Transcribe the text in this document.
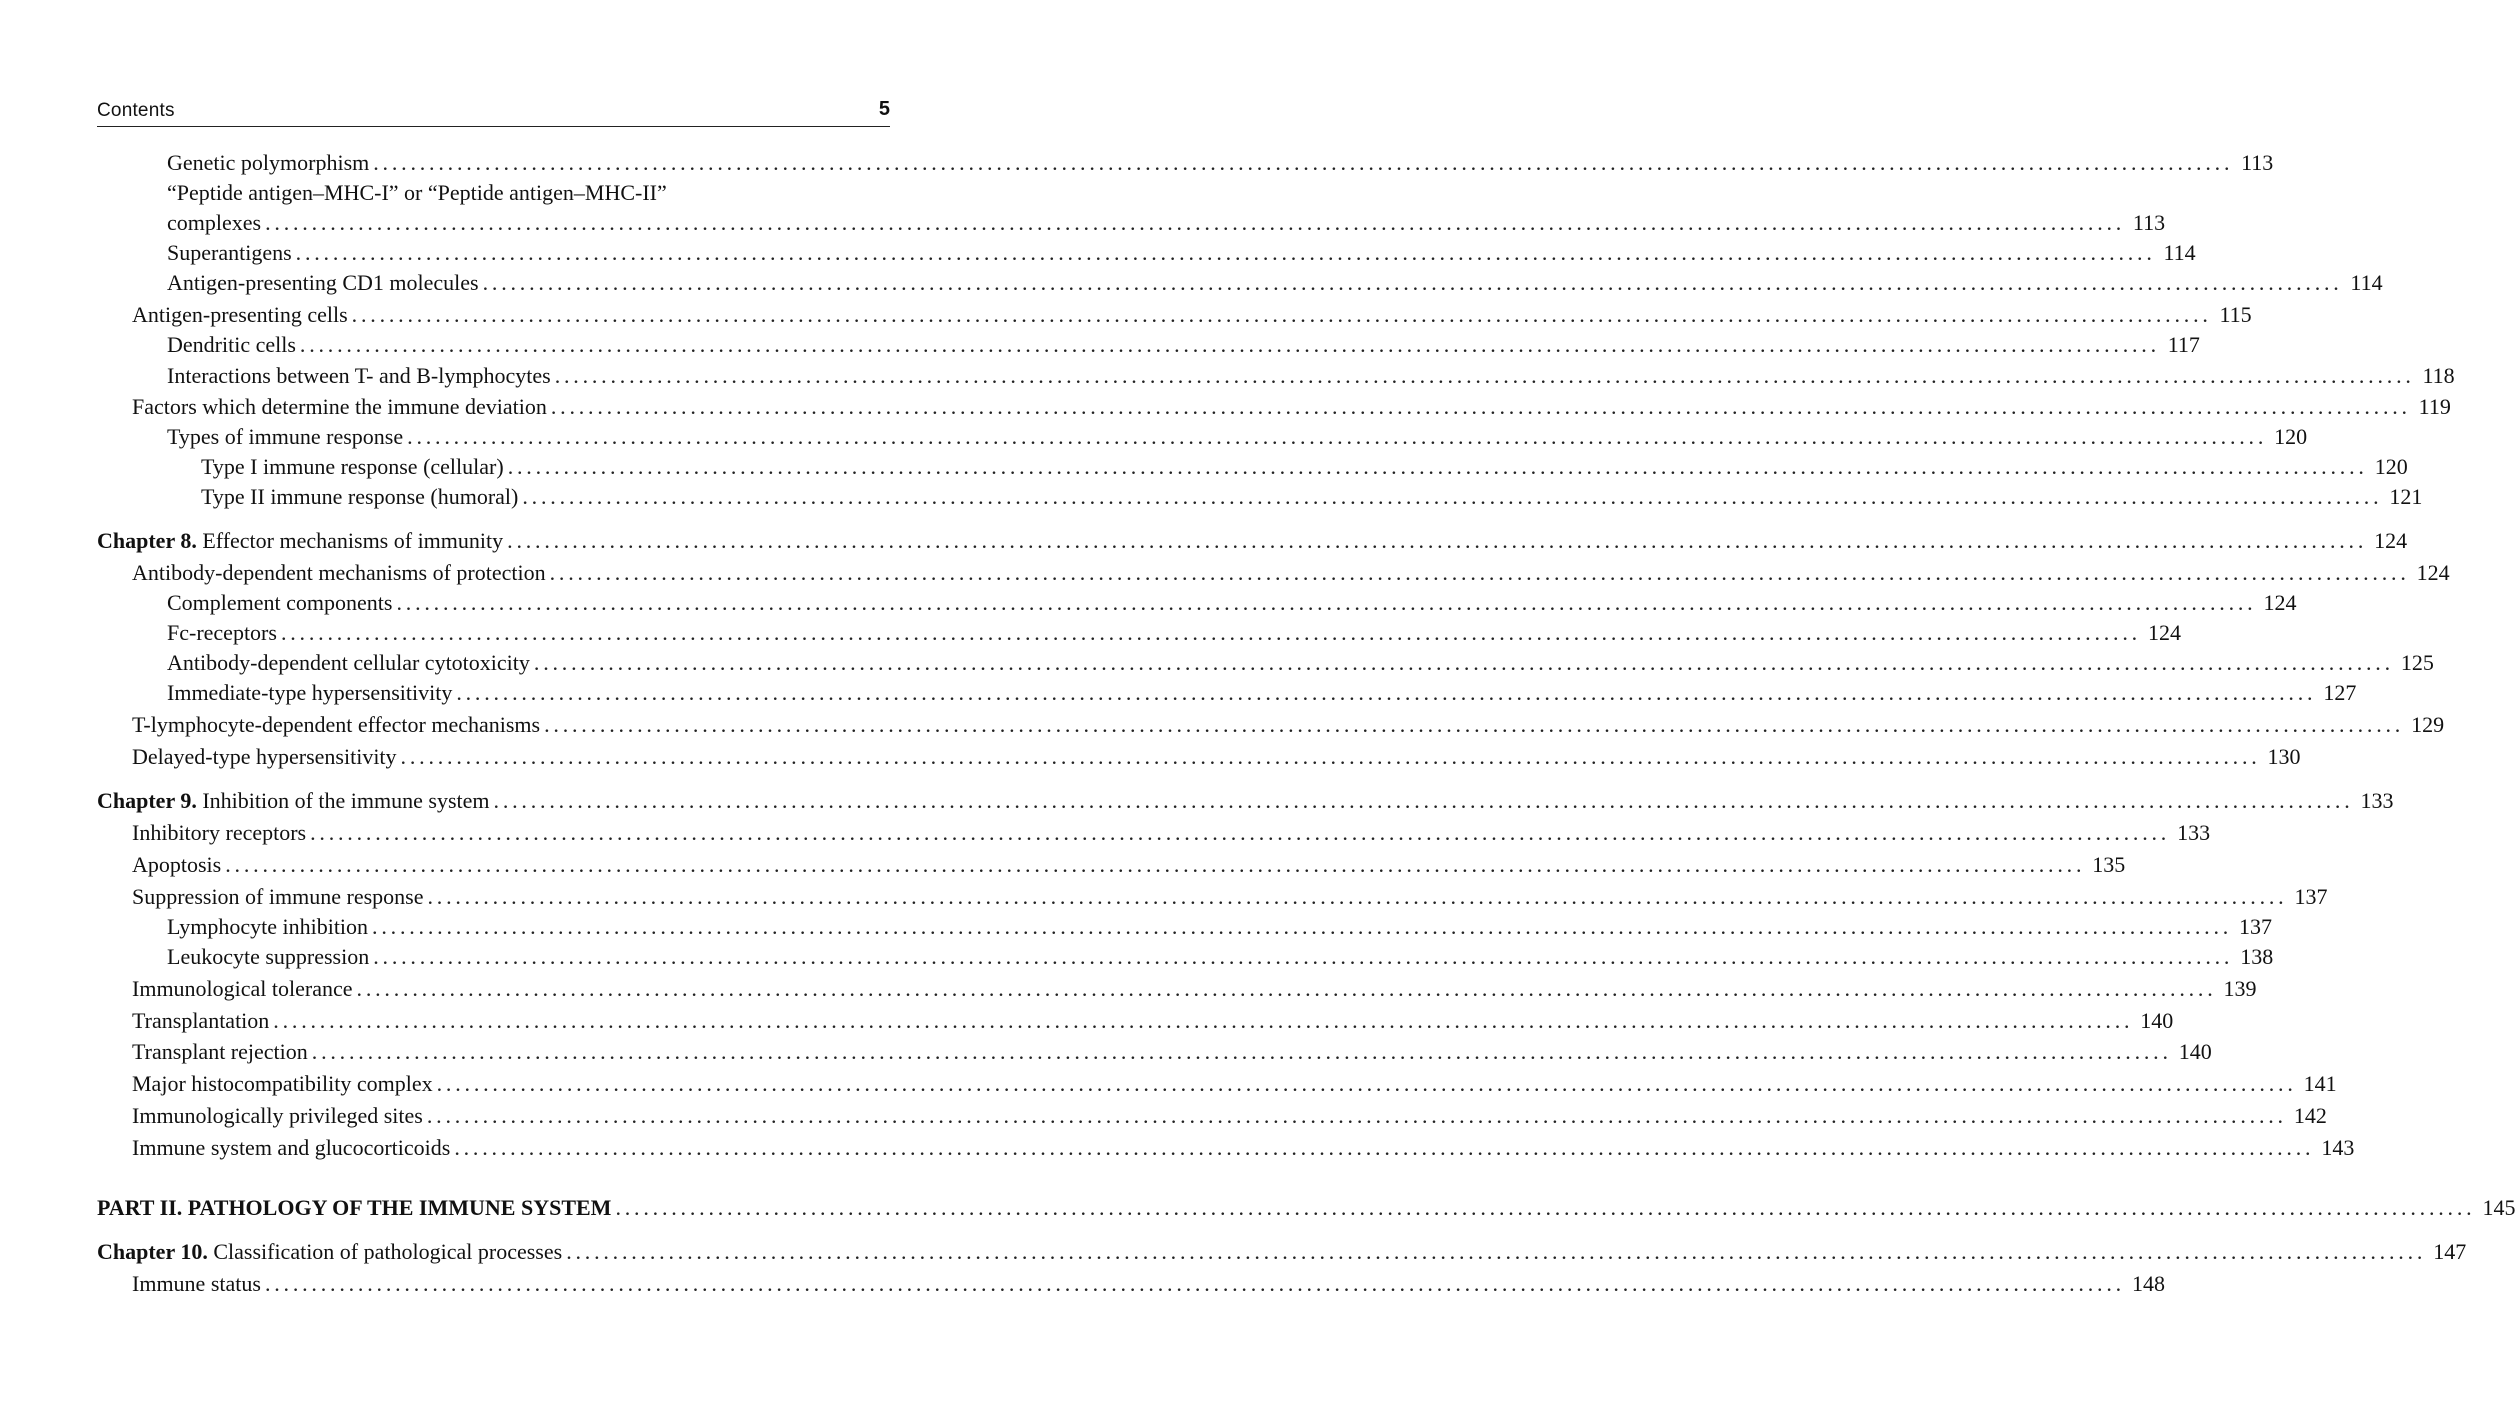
Contents	5
Genetic polymorphism ........................................................................................................................................................................................................ 113
“Peptide antigen–MHC-I” or “Peptide antigen–MHC-II”
complexes ........................................................................................................................................................................................................ 113
Superantigens ........................................................................................................................................................................................................ 114
Antigen-presenting CD1 molecules ........................................................................................................................................................................................................ 114
Antigen-presenting cells ........................................................................................................................................................................................................ 115
Dendritic cells ........................................................................................................................................................................................................ 117
Interactions between T- and B-lymphocytes ........................................................................................................................................................................................................ 118
Factors which determine the immune deviation ........................................................................................................................................................................................................ 119
Types of immune response ........................................................................................................................................................................................................ 120
Type I immune response (cellular) ........................................................................................................................................................................................................ 120
Type II immune response (humoral) ........................................................................................................................................................................................................ 121
Chapter 8. Effector mechanisms of immunity ........................................................................................................................................................................................................ 124
Antibody-dependent mechanisms of protection ........................................................................................................................................................................................................ 124
Complement components ........................................................................................................................................................................................................ 124
Fc-receptors ........................................................................................................................................................................................................ 124
Antibody-dependent cellular cytotoxicity ........................................................................................................................................................................................................ 125
Immediate-type hypersensitivity ........................................................................................................................................................................................................ 127
T-lymphocyte-dependent effector mechanisms ........................................................................................................................................................................................................ 129
Delayed-type hypersensitivity ........................................................................................................................................................................................................ 130
Chapter 9. Inhibition of the immune system ........................................................................................................................................................................................................ 133
Inhibitory receptors ........................................................................................................................................................................................................ 133
Apoptosis ........................................................................................................................................................................................................ 135
Suppression of immune response ........................................................................................................................................................................................................ 137
Lymphocyte inhibition ........................................................................................................................................................................................................ 137
Leukocyte suppression ........................................................................................................................................................................................................ 138
Immunological tolerance ........................................................................................................................................................................................................ 139
Transplantation ........................................................................................................................................................................................................ 140
Transplant rejection ........................................................................................................................................................................................................ 140
Major histocompatibility complex ........................................................................................................................................................................................................ 141
Immunologically privileged sites ........................................................................................................................................................................................................ 142
Immune system and glucocorticoids ........................................................................................................................................................................................................ 143
PART II. PATHOLOGY OF THE IMMUNE SYSTEM ........................................................................................................................................................................................................ 145
Chapter 10. Classification of pathological processes ........................................................................................................................................................................................................ 147
Immune status ........................................................................................................................................................................................................ 148
